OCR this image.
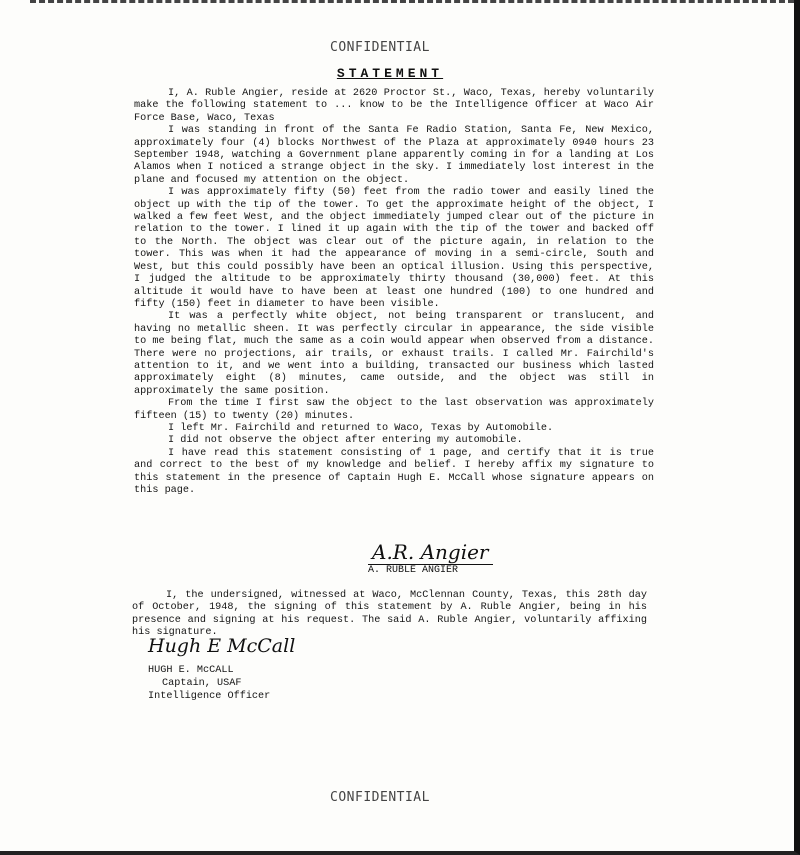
CONFIDENTIAL
STATEMENT

I, A. Ruble Angier, reside at 2620 Proctor St., Waco, Texas, hereby voluntarily make the following statement to ... know to be the Intelligence Officer at Waco Air Force Base, Waco, Texas

I was standing in front of the Santa Fe Radio Station, Santa Fe, New Mexico, approximately four (4) blocks Northwest of the Plaza at approximately 0940 hours 23 September 1948, watching a Government plane apparently coming in for a landing at Los Alamos when I noticed a strange object in the sky. I immediately lost interest in the plane and focused my attention on the object.

I was approximately fifty (50) feet from the radio tower and easily lined the object up with the tip of the tower. To get the approximate height of the object, I walked a few feet West, and the object immediately jumped clear out of the picture in relation to the tower. I lined it up again with the tip of the tower and backed off to the North. The object was clear out of the picture again, in relation to the tower. This was when it had the appearance of moving in a semi-circle, South and West, but this could possibly have been an optical illusion. Using this perspective, I judged the altitude to be approximately thirty thousand (30,000) feet. At this altitude it would have to have been at least one hundred (100) to one hundred and fifty (150) feet in diameter to have been visible.

It was a perfectly white object, not being transparent or translucent, and having no metallic sheen. It was perfectly circular in appearance, the side visible to me being flat, much the same as a coin would appear when observed from a distance. There were no projections, air trails, or exhaust trails. I called Mr. Fairchild's attention to it, and we went into a building, transacted our business which lasted approximately eight (8) minutes, came outside, and the object was still in approximately the same position.

From the time I first saw the object to the last observation was approximately fifteen (15) to twenty (20) minutes.

I left Mr. Fairchild and returned to Waco, Texas by Automobile.

I did not observe the object after entering my automobile.

I have read this statement consisting of 1 page, and certify that it is true and correct to the best of my knowledge and belief. I hereby affix my signature to this statement in the presence of Captain Hugh E. McCall whose signature appears on this page.

A.R. Angier
A. RUBLE ANGIER
I, the undersigned, witnessed at Waco, McClennan County, Texas, this 28th day of October, 1948, the signing of this statement by A. Ruble Angier, being in his presence and signing at his request. The said A. Ruble Angier, voluntarily affixing his signature.
Hugh E McCall
HUGH E. McCALL
Captain, USAF
Intelligence Officer
CONFIDENTIAL
